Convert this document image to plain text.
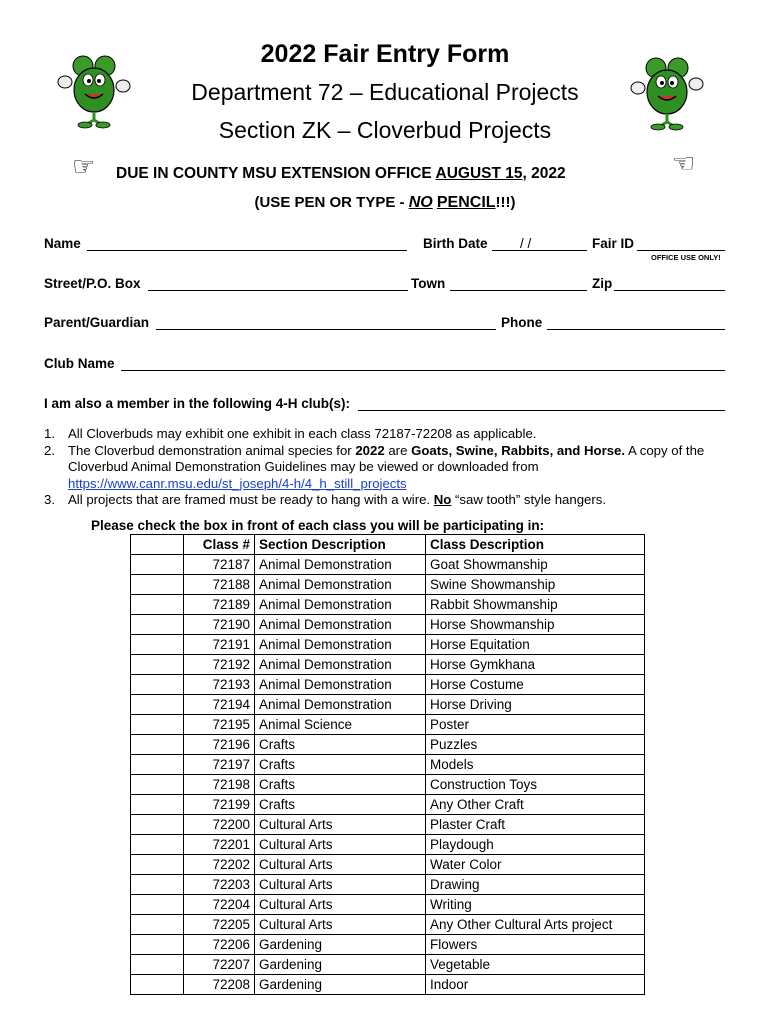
2022 Fair Entry Form
Department 72 – Educational Projects
Section ZK – Cloverbud Projects
☞ DUE IN COUNTY MSU EXTENSION OFFICE AUGUST 15, 2022	☜
(USE PEN OR TYPE - NO PENCIL!!!)
Name	Birth Date / /	Fair ID
OFFICE USE ONLY!
Street/P.O. Box	Town	Zip
Parent/Guardian	Phone
Club Name
I am also a member in the following 4-H club(s):
1. All Cloverbuds may exhibit one exhibit in each class 72187-72208 as applicable.
2. The Cloverbud demonstration animal species for 2022 are Goats, Swine, Rabbits, and Horse. A copy of the Cloverbud Animal Demonstration Guidelines may be viewed or downloaded from https://www.canr.msu.edu/st_joseph/4-h/4_h_still_projects
3. All projects that are framed must be ready to hang with a wire. No “saw tooth” style hangers.
Please check the box in front of each class you will be participating in:
	Class #	Section Description	Class Description
	72187	Animal Demonstration	Goat Showmanship
	72188	Animal Demonstration	Swine Showmanship
	72189	Animal Demonstration	Rabbit Showmanship
	72190	Animal Demonstration	Horse Showmanship
	72191	Animal Demonstration	Horse Equitation
	72192	Animal Demonstration	Horse Gymkhana
	72193	Animal Demonstration	Horse Costume
	72194	Animal Demonstration	Horse Driving
	72195	Animal Science	Poster
	72196	Crafts	Puzzles
	72197	Crafts	Models
	72198	Crafts	Construction Toys
	72199	Crafts	Any Other Craft
	72200	Cultural Arts	Plaster Craft
	72201	Cultural Arts	Playdough
	72202	Cultural Arts	Water Color
	72203	Cultural Arts	Drawing
	72204	Cultural Arts	Writing
	72205	Cultural Arts	Any Other Cultural Arts project
	72206	Gardening	Flowers
	72207	Gardening	Vegetable
	72208	Gardening	Indoor
